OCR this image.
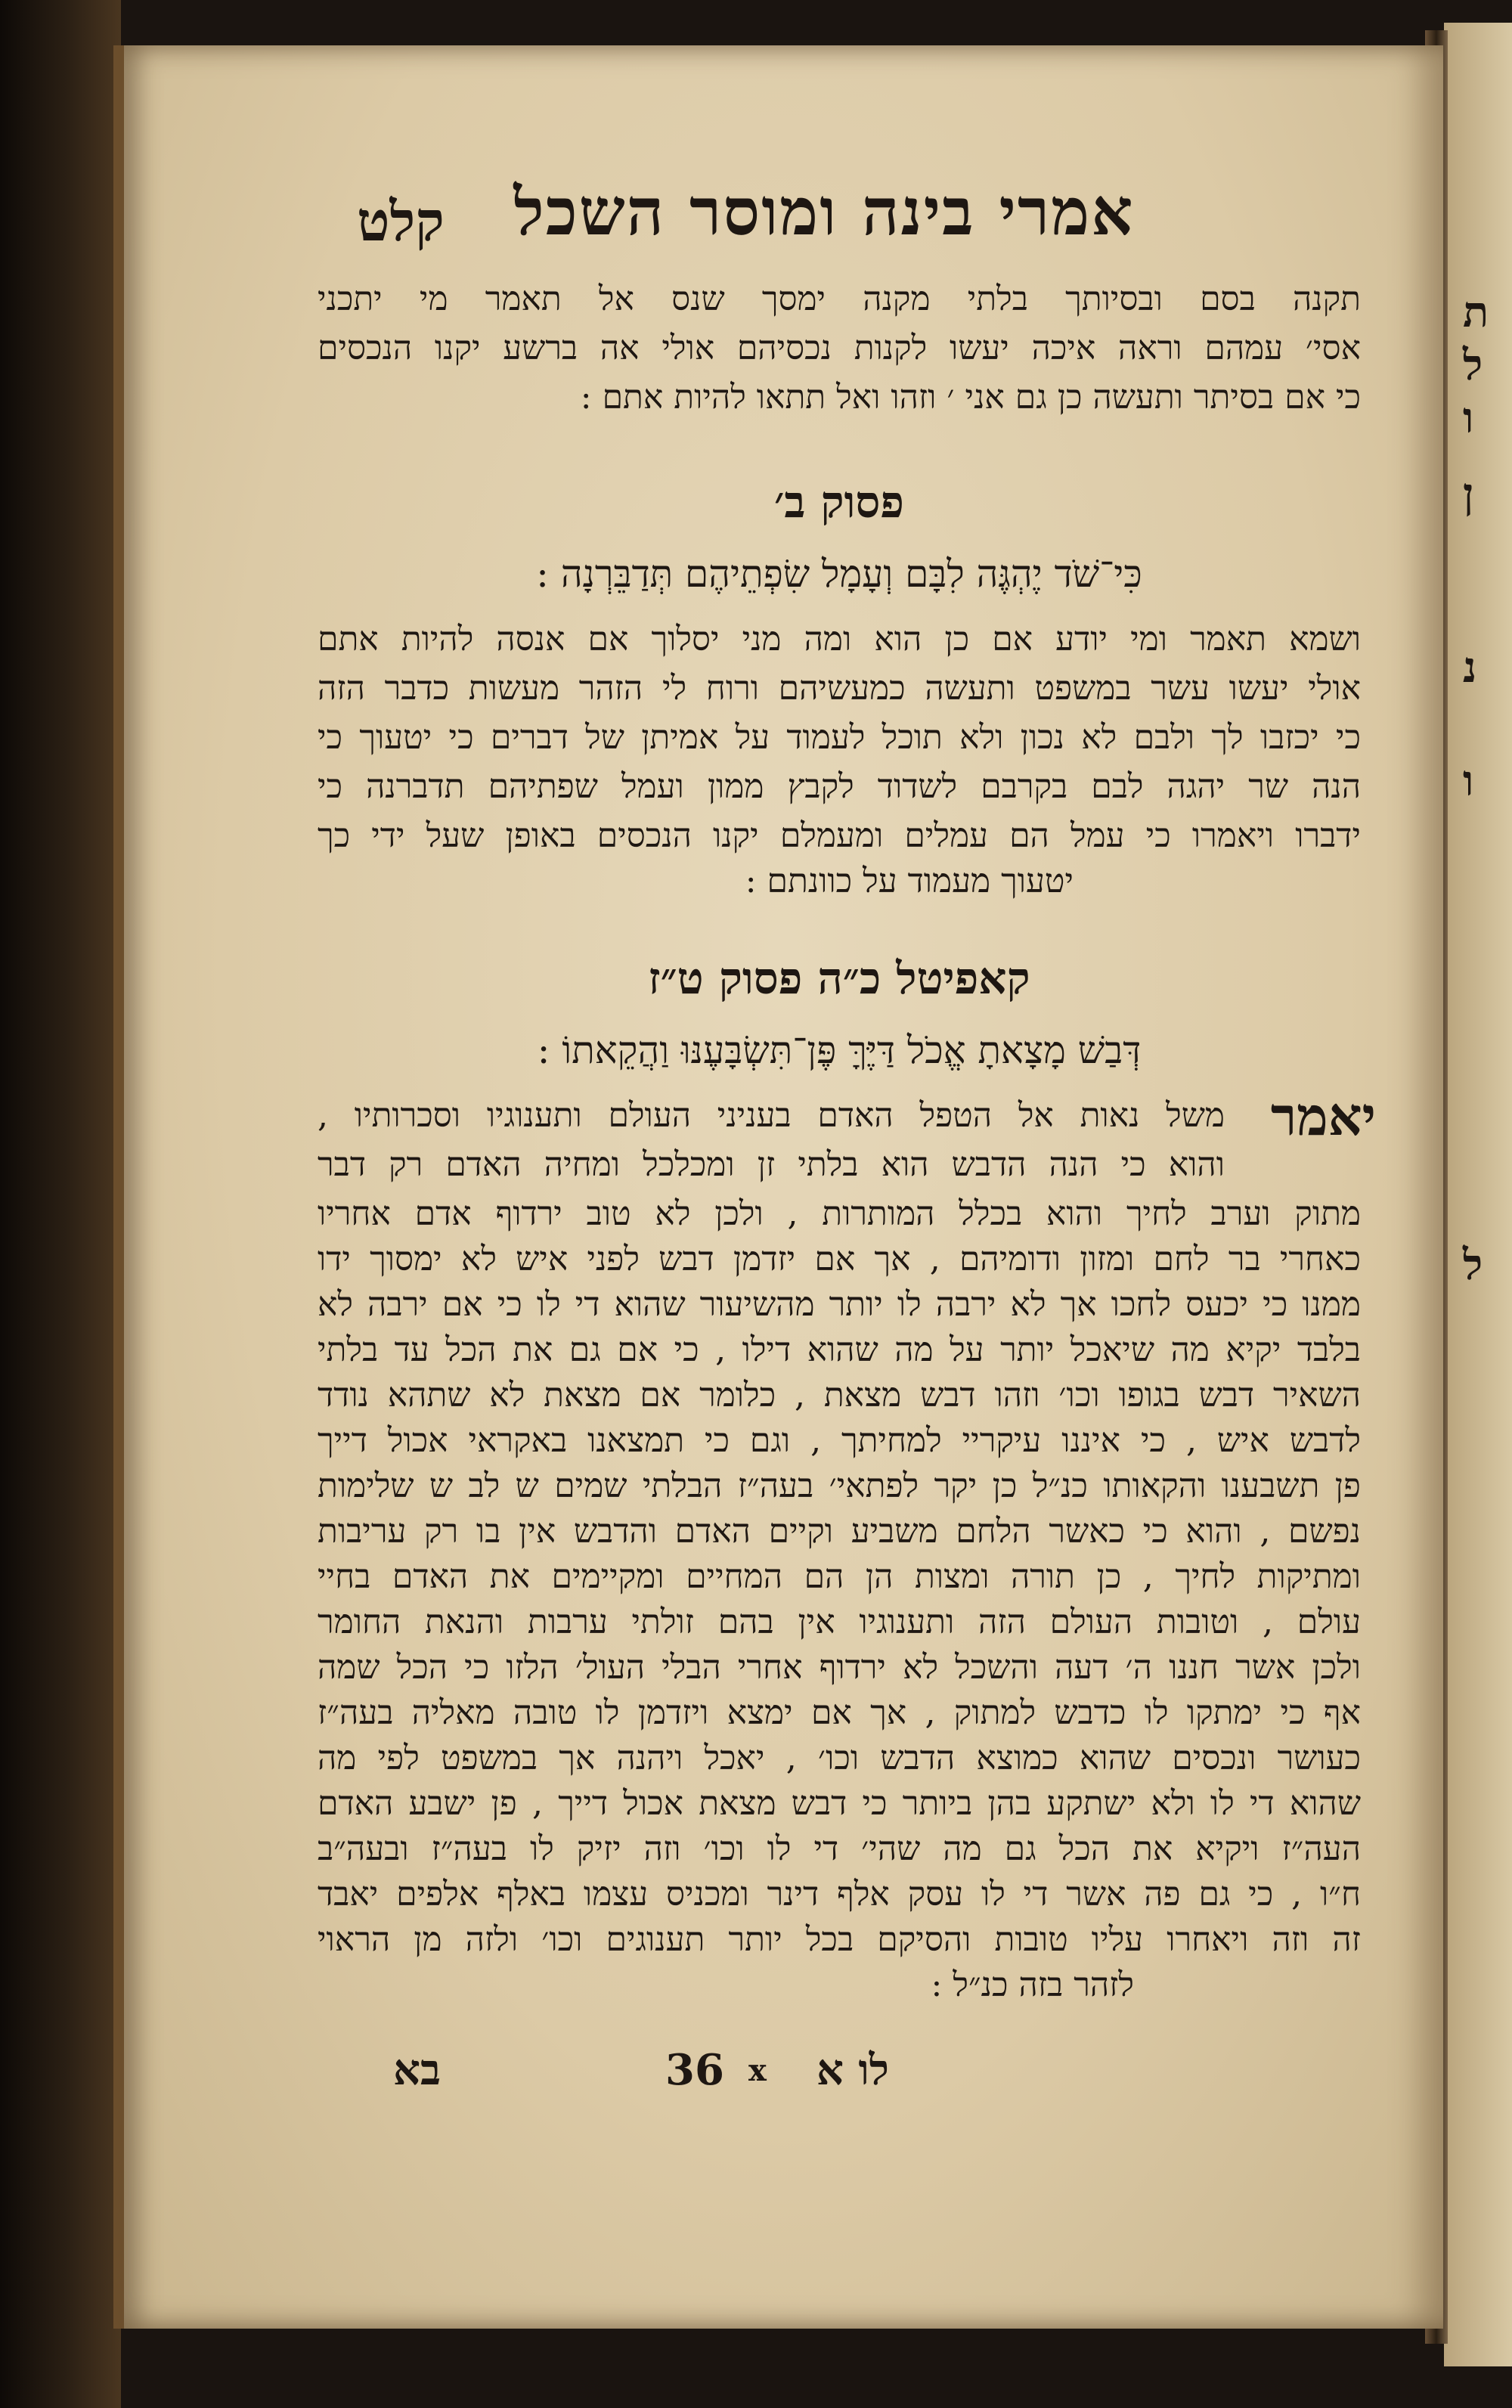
אמרי בינה ומוסר השכל
קלט
תקנה בסם ובסיותך בלתי מקנה ימסך שנס אל תאמר מי יתכני
אסי׳ עמהם וראה איכה יעשו לקנות נכסיהם אולי אה ברשע יקנו הנכסים
כי אם בסיתר ותעשה כן גם אני ׳ וזהו ואל תתאו להיות אתם :
פסוק ב׳
כִּי־שֹׁד יֶהְגֶּה לִבָּם וְעָמָל שִׂפְתֵיהֶם תְּדַבֵּרְנָה :
ושמא תאמר ומי יודע אם כן הוא ומה מני יסלוך אם אנסה להיות אתם
אולי יעשו עשר במשפט ותעשה כמעשיהם ורוח לי הזהר מעשות כדבר הזה
כי יכזבו לך ולבם לא נכון ולא תוכל לעמוד על אמיתן של דברים כי יטעוך כי
הנה שר יהגה לבם בקרבם לשדוד לקבץ ממון ועמל שפתיהם תדברנה כי
ידברו ויאמרו כי עמל הם עמלים ומעמלם יקנו הנכסים באופן שעל ידי כך
יטעוך מעמוד על כוונתם :
קאפיטל כ״ה פסוק ט״ז
דְּבַשׁ מָצָאתָ אֱכֹל דַּיֶּךָּ פֶּן־תִּשְׂבָּעֶנּוּ וַהֲקֵאתוֹ :
יאמר
משל נאות אל הטפל האדם בעניני העולם ותענוגיו וסכרותיו ,
והוא כי הנה הדבש הוא בלתי זן ומכלכל ומחיה האדם רק דבר
מתוק וערב לחיך והוא בכלל המותרות , ולכן לא טוב ירדוף אדם אחריו
כאחרי בר לחם ומזון ודומיהם , אך אם יזדמן דבש לפני איש לא ימסוך ידו
ממנו כי יכעס לחכו אך לא ירבה לו יותר מהשיעור שהוא די לו כי אם ירבה לא
בלבד יקיא מה שיאכל יותר על מה שהוא דילו , כי אם גם את הכל עד בלתי
השאיר דבש בגופו וכו׳ וזהו דבש מצאת , כלומר אם מצאת לא שתהא נודד
לדבש איש , כי איננו עיקריי למחיתך , וגם כי תמצאנו באקראי אכול דייך
פן תשבענו והקאותו כנ״ל כן יקר לפתאי׳ בעה״ז הבלתי שמים ש לב ש שלימות
נפשם , והוא כי כאשר הלחם משביע וקיים האדם והדבש אין בו רק עריבות
ומתיקות לחיך , כן תורה ומצות הן הם המחיים ומקיימים את האדם בחיי
עולם , וטובות העולם הזה ותענוגיו אין בהם זולתי ערבות והנאת החומר
ולכן אשר חננו ה׳ דעה והשכל לא ירדוף אחרי הבלי העול׳ הלזו כי הכל שמה
אף כי ימתקו לו כדבש למתוק , אך אם ימצא ויזדמן לו טובה מאליה בעה״ז
כעושר ונכסים שהוא כמוצא הדבש וכו׳ , יאכל ויהנה אך במשפט לפי מה
שהוא די לו ולא ישתקע בהן ביותר כי דבש מצאת אכול דייך , פן ישבע האדם
העה״ז ויקיא את הכל גם מה שהי׳ די לו וכו׳ וזה יזיק לו בעה״ז ובעה״ב
ח״ו , כי גם פה אשר די לו עסק אלף דינר ומכניס עצמו באלף אלפים יאבד
זה וזה ויאחרו עליו טובות והסיקם בכל יותר תענוגים וכו׳ ולזה מן הראוי
לזהר בזה כנ״ל :
לו א
x
36
בא
ת
ל
ו
ן
נ
ו
ל
